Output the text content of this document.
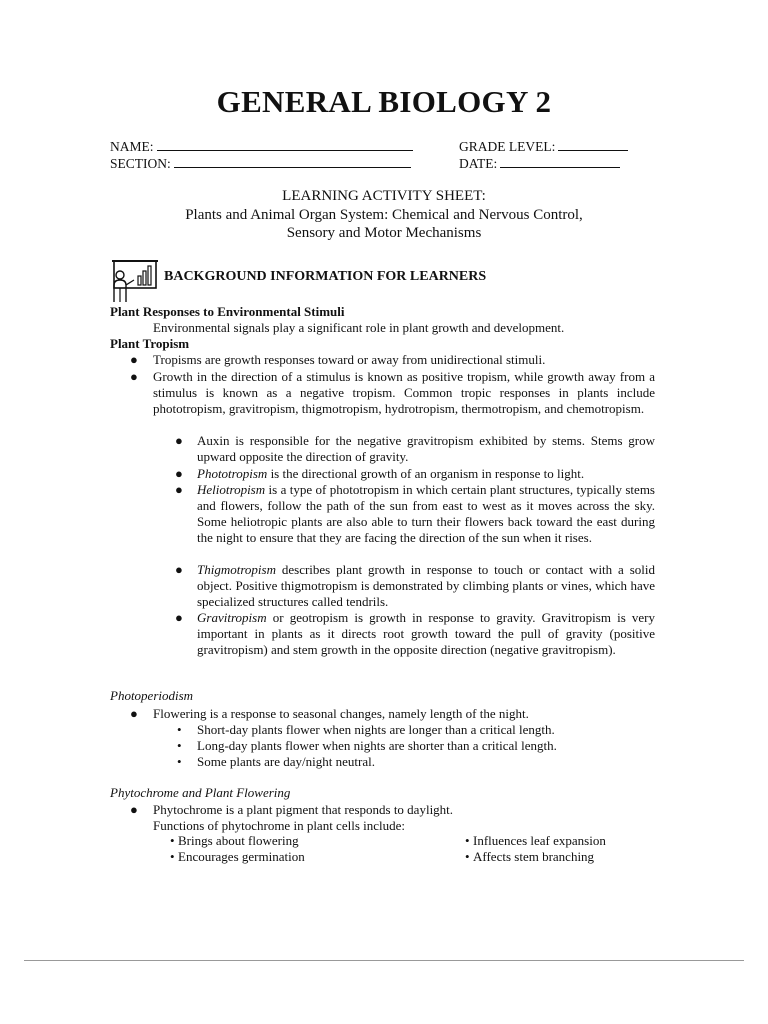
GENERAL BIOLOGY 2
NAME:	GRADE LEVEL:
SECTION:	DATE:
LEARNING ACTIVITY SHEET:
Plants and Animal Organ System: Chemical and Nervous Control,
Sensory and Motor Mechanisms
BACKGROUND INFORMATION FOR LEARNERS
Plant Responses to Environmental Stimuli
Environmental signals play a significant role in plant growth and development.
Plant Tropism
● Tropisms are growth responses toward or away from unidirectional stimuli.
● Growth in the direction of a stimulus is known as positive tropism, while growth away from a stimulus is known as a negative tropism. Common tropic responses in plants include phototropism, gravitropism, thigmotropism, hydrotropism, thermotropism, and chemotropism.
● Auxin is responsible for the negative gravitropism exhibited by stems. Stems grow upward opposite the direction of gravity.
● Phototropism is the directional growth of an organism in response to light.
● Heliotropism is a type of phototropism in which certain plant structures, typically stems and flowers, follow the path of the sun from east to west as it moves across the sky. Some heliotropic plants are also able to turn their flowers back toward the east during the night to ensure that they are facing the direction of the sun when it rises.
● Thigmotropism describes plant growth in response to touch or contact with a solid object. Positive thigmotropism is demonstrated by climbing plants or vines, which have specialized structures called tendrils.
● Gravitropism or geotropism is growth in response to gravity. Gravitropism is very important in plants as it directs root growth toward the pull of gravity (positive gravitropism) and stem growth in the opposite direction (negative gravitropism).
Photoperiodism
● Flowering is a response to seasonal changes, namely length of the night.
• Short-day plants flower when nights are longer than a critical length.
• Long-day plants flower when nights are shorter than a critical length.
• Some plants are day/night neutral.
Phytochrome and Plant Flowering
● Phytochrome is a plant pigment that responds to daylight.
Functions of phytochrome in plant cells include:
• Brings about flowering	• Influences leaf expansion
• Encourages germination	• Affects stem branching
